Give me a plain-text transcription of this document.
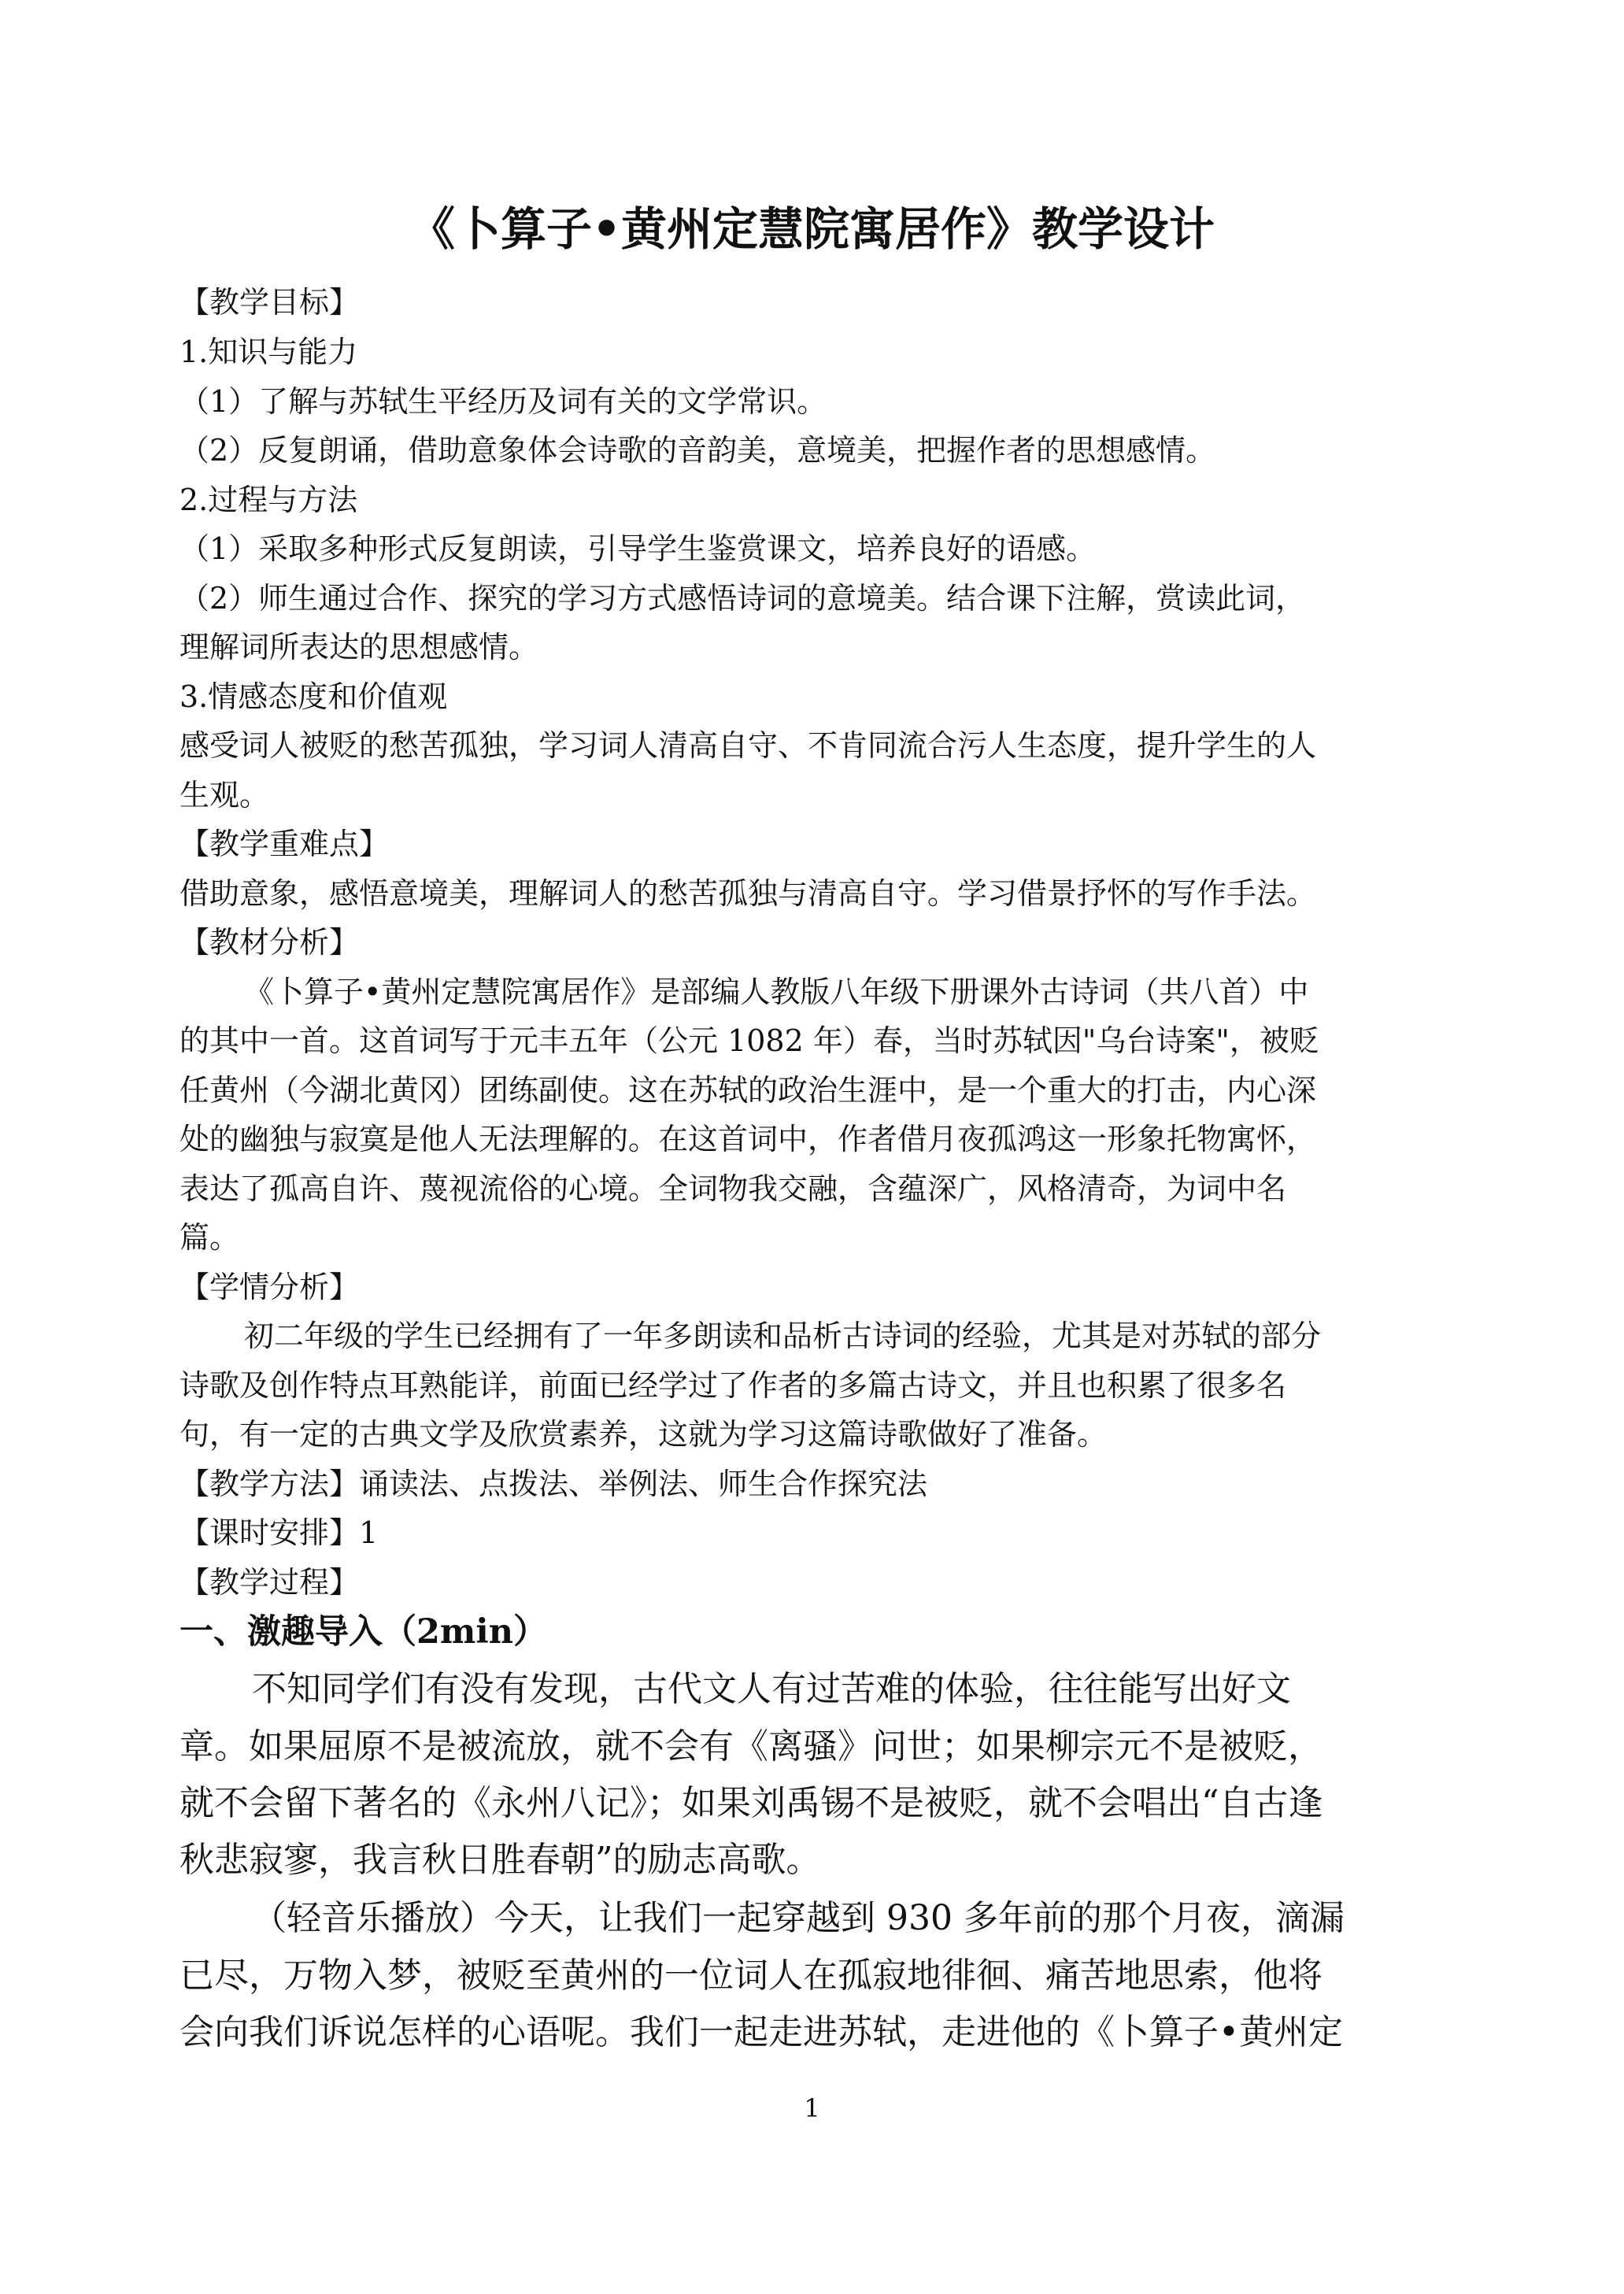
《卜算子•黄州定慧院寓居作》教学设计

【教学目标】

1.知识与能力

（1）了解与苏轼生平经历及词有关的文学常识。

（2）反复朗诵，借助意象体会诗歌的音韵美，意境美，把握作者的思想感情。

2.过程与方法

（1）采取多种形式反复朗读，引导学生鉴赏课文，培养良好的语感。

（2）师生通过合作、探究的学习方式感悟诗词的意境美。结合课下注解，赏读此词，

理解词所表达的思想感情。

3.情感态度和价值观

感受词人被贬的愁苦孤独，学习词人清高自守、不肯同流合污人生态度，提升学生的人

生观。

【教学重难点】

借助意象，感悟意境美，理解词人的愁苦孤独与清高自守。学习借景抒怀的写作手法。

【教材分析】

《卜算子•黄州定慧院寓居作》是部编人教版八年级下册课外古诗词（共八首）中

的其中一首。这首词写于元丰五年（公元 1082 年）春，当时苏轼因"乌台诗案"，被贬

任黄州（今湖北黄冈）团练副使。这在苏轼的政治生涯中，是一个重大的打击，内心深

处的幽独与寂寞是他人无法理解的。在这首词中，作者借月夜孤鸿这一形象托物寓怀，

表达了孤高自许、蔑视流俗的心境。全词物我交融，含蕴深广，风格清奇，为词中名

篇。

【学情分析】

初二年级的学生已经拥有了一年多朗读和品析古诗词的经验，尤其是对苏轼的部分

诗歌及创作特点耳熟能详，前面已经学过了作者的多篇古诗文，并且也积累了很多名

句，有一定的古典文学及欣赏素养，这就为学习这篇诗歌做好了准备。

【教学方法】诵读法、点拨法、举例法、师生合作探究法

【课时安排】1

【教学过程】

一、激趣导入（2min）

不知同学们有没有发现，古代文人有过苦难的体验，往往能写出好文

章。如果屈原不是被流放，就不会有《离骚》问世；如果柳宗元不是被贬，

就不会留下著名的《永州八记》；如果刘禹锡不是被贬，就不会唱出“自古逢

秋悲寂寥，我言秋日胜春朝”的励志高歌。

（轻音乐播放）今天，让我们一起穿越到 930 多年前的那个月夜，滴漏

已尽，万物入梦，被贬至黄州的一位词人在孤寂地徘徊、痛苦地思索，他将

会向我们诉说怎样的心语呢。我们一起走进苏轼，走进他的《卜算子•黄州定

1
